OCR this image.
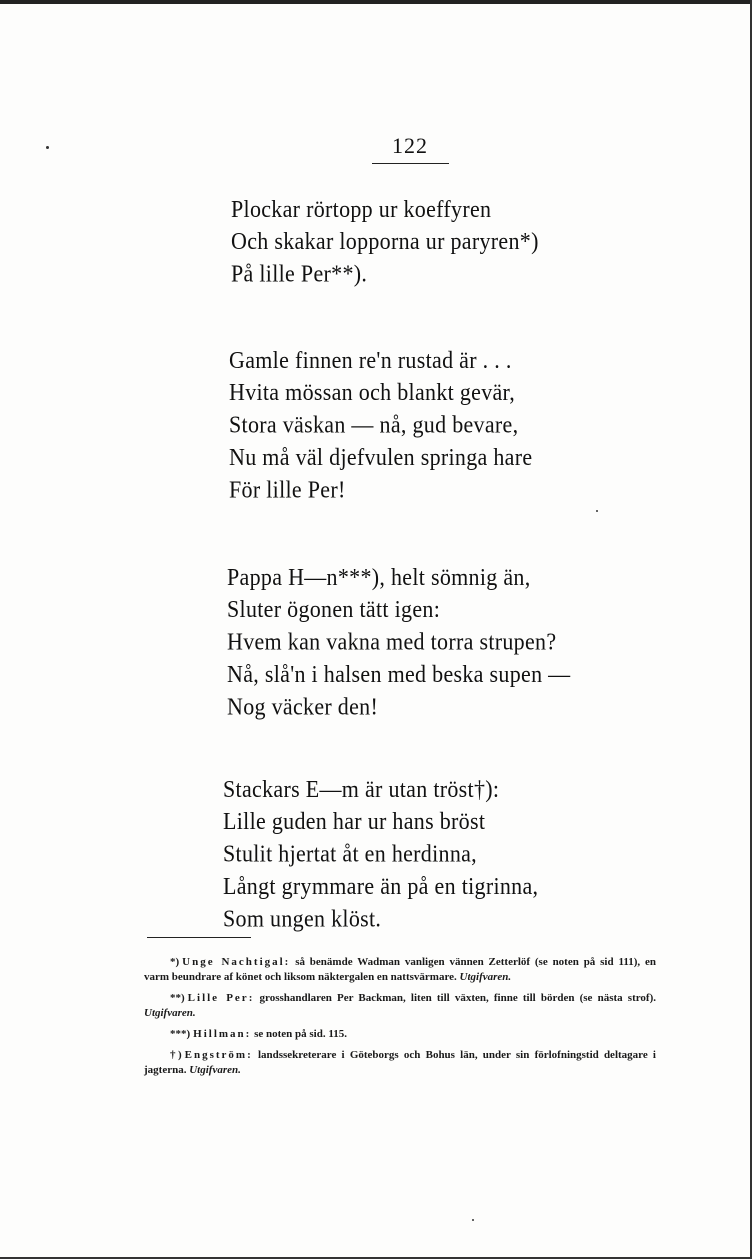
122
Plockar rörtopp ur koeffyren
Och skakar lopporna ur paryren*)
På lille Per**).
Gamle finnen re'n rustad är . . .
Hvita mössan och blankt gevär,
Stora väskan — nå, gud bevare,
Nu må väl djefvulen springa hare
För lille Per!
Pappa H—n***), helt sömnig än,
Sluter ögonen tätt igen:
Hvem kan vakna med torra strupen?
Nå, slå'n i halsen med beska supen —
Nog väcker den!
Stackars E—m är utan tröst†):
Lille guden har ur hans bröst
Stulit hjertat åt en herdinna,
Långt grymmare än på en tigrinna,
Som ungen klöst.

*) Unge Nachtigal: så benämde Wadman vanligen vännen Zetterlöf (se noten på sid 111), en varm beundrare af könet och liksom näktergalen en nattsvärmare. Utgifvaren.

**) Lille Per: grosshandlaren Per Backman, liten till växten, finne till börden (se nästa strof). Utgifvaren.

***) Hillman: se noten på sid. 115.

†) Engström: landssekreterare i Göteborgs och Bohus län, under sin förlofningstid deltagare i jagterna. Utgifvaren.
